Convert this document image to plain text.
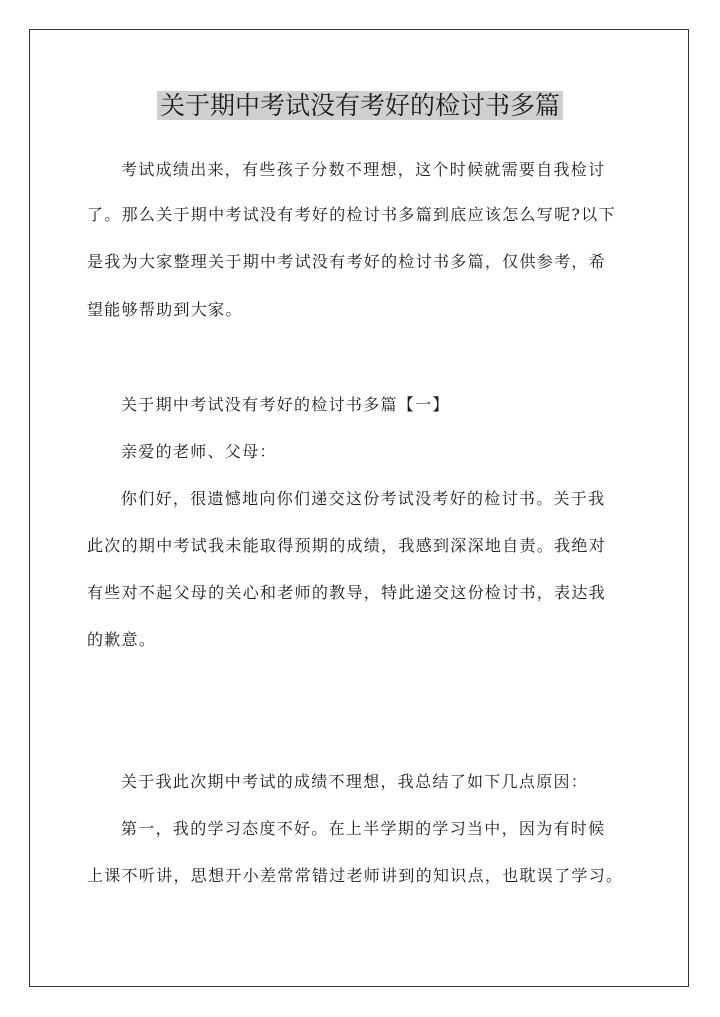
关于期中考试没有考好的检讨书多篇

考试成绩出来，有些孩子分数不理想，这个时候就需要自我检讨

了。那么关于期中考试没有考好的检讨书多篇到底应该怎么写呢?以下

是我为大家整理关于期中考试没有考好的检讨书多篇，仅供参考，希

望能够帮助到大家。

关于期中考试没有考好的检讨书多篇【一】

亲爱的老师、父母：

你们好，很遗憾地向你们递交这份考试没考好的检讨书。关于我

此次的期中考试我未能取得预期的成绩，我感到深深地自责。我绝对

有些对不起父母的关心和老师的教导，特此递交这份检讨书，表达我

的歉意。

关于我此次期中考试的成绩不理想，我总结了如下几点原因：

第一，我的学习态度不好。在上半学期的学习当中，因为有时候

上课不听讲，思想开小差常常错过老师讲到的知识点，也耽误了学习。
